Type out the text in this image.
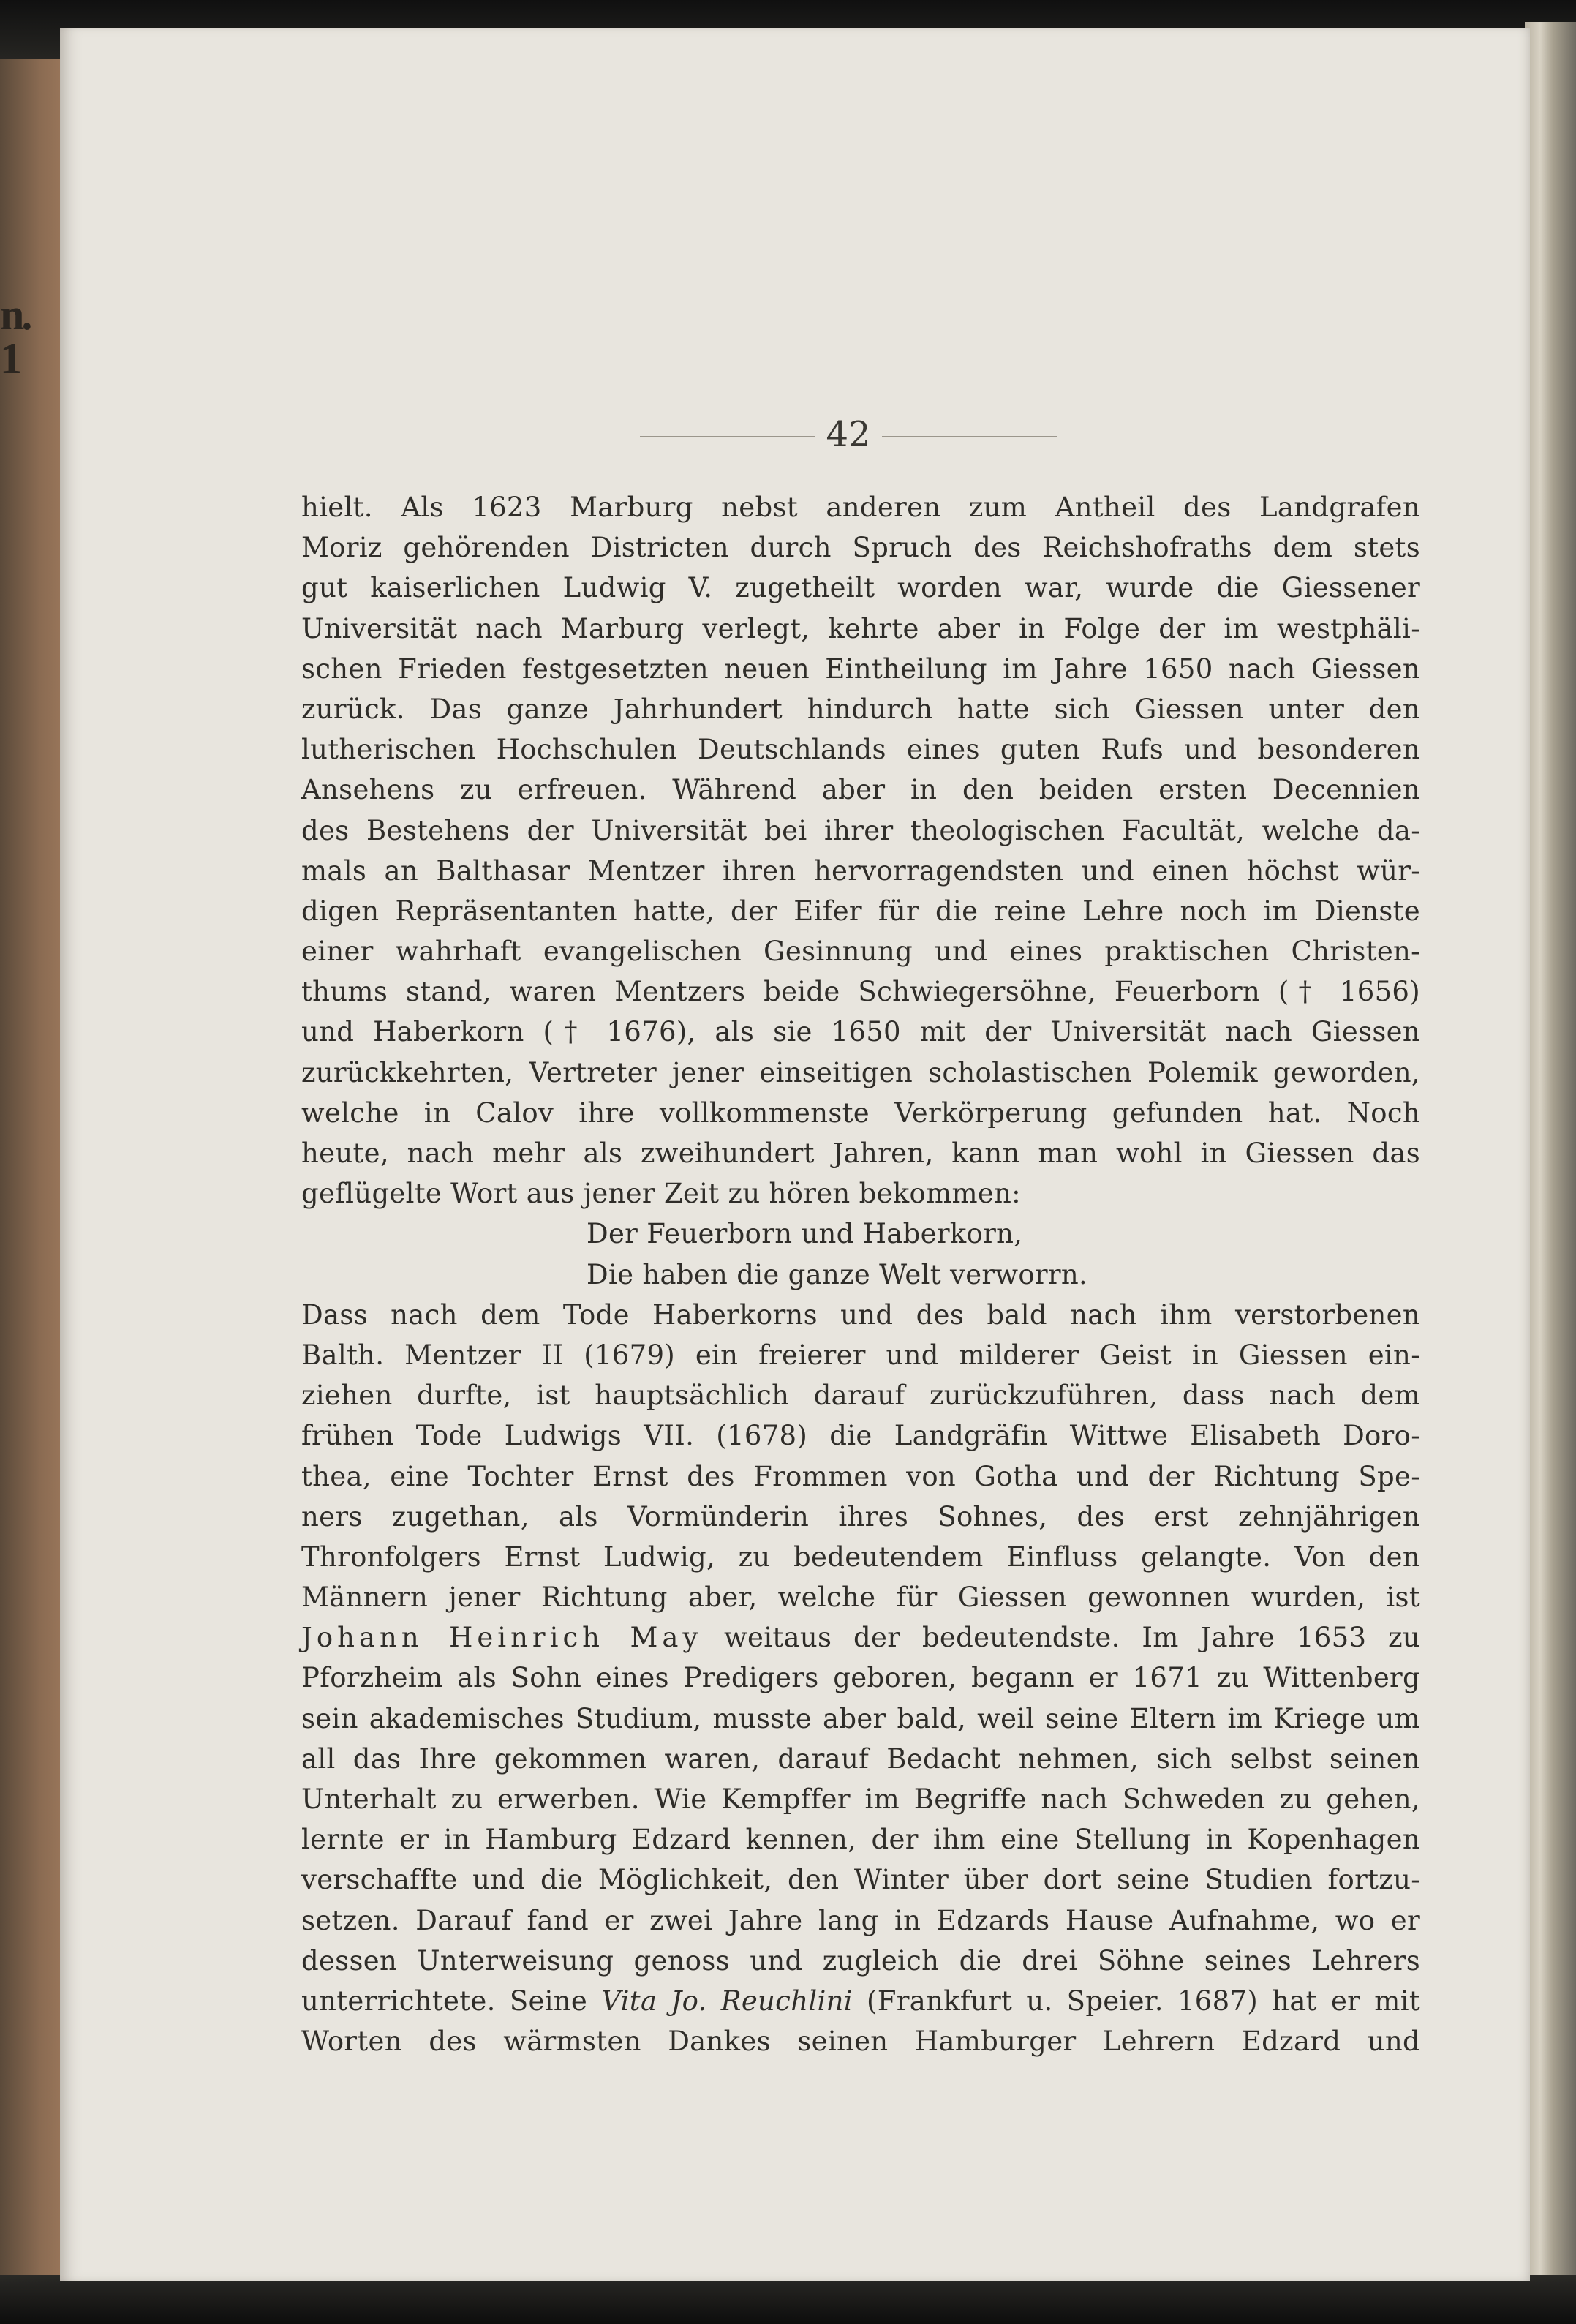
n. 1
42
hielt. Als 1623 Marburg nebst anderen zum Antheil des Landgrafen
Moriz gehörenden Districten durch Spruch des Reichshofraths dem stets
gut kaiserlichen Ludwig V. zugetheilt worden war, wurde die Giessener
Universität nach Marburg verlegt, kehrte aber in Folge der im westphäli-
schen Frieden festgesetzten neuen Eintheilung im Jahre 1650 nach Giessen
zurück. Das ganze Jahrhundert hindurch hatte sich Giessen unter den
lutherischen Hochschulen Deutschlands eines guten Rufs und besonderen
Ansehens zu erfreuen. Während aber in den beiden ersten Decennien
des Bestehens der Universität bei ihrer theologischen Facultät, welche da-
mals an Balthasar Mentzer ihren hervorragendsten und einen höchst wür-
digen Repräsentanten hatte, der Eifer für die reine Lehre noch im Dienste
einer wahrhaft evangelischen Gesinnung und eines praktischen Christen-
thums stand, waren Mentzers beide Schwiegersöhne, Feuerborn († 1656)
und Haberkorn († 1676), als sie 1650 mit der Universität nach Giessen
zurückkehrten, Vertreter jener einseitigen scholastischen Polemik geworden,
welche in Calov ihre vollkommenste Verkörperung gefunden hat. Noch
heute, nach mehr als zweihundert Jahren, kann man wohl in Giessen das
geflügelte Wort aus jener Zeit zu hören bekommen:
Der Feuerborn und Haberkorn,
Die haben die ganze Welt verworrn.
Dass nach dem Tode Haberkorns und des bald nach ihm verstorbenen
Balth. Mentzer II (1679) ein freierer und milderer Geist in Giessen ein-
ziehen durfte, ist hauptsächlich darauf zurückzuführen, dass nach dem
frühen Tode Ludwigs VII. (1678) die Landgräfin Wittwe Elisabeth Doro-
thea, eine Tochter Ernst des Frommen von Gotha und der Richtung Spe-
ners zugethan, als Vormünderin ihres Sohnes, des erst zehnjährigen
Thronfolgers Ernst Ludwig, zu bedeutendem Einfluss gelangte. Von den
Männern jener Richtung aber, welche für Giessen gewonnen wurden, ist
Johann Heinrich May weitaus der bedeutendste. Im Jahre 1653 zu
Pforzheim als Sohn eines Predigers geboren, begann er 1671 zu Wittenberg
sein akademisches Studium, musste aber bald, weil seine Eltern im Kriege um
all das Ihre gekommen waren, darauf Bedacht nehmen, sich selbst seinen
Unterhalt zu erwerben. Wie Kempffer im Begriffe nach Schweden zu gehen,
lernte er in Hamburg Edzard kennen, der ihm eine Stellung in Kopenhagen
verschaffte und die Möglichkeit, den Winter über dort seine Studien fortzu-
setzen. Darauf fand er zwei Jahre lang in Edzards Hause Aufnahme, wo er
dessen Unterweisung genoss und zugleich die drei Söhne seines Lehrers
unterrichtete. Seine Vita Jo. Reuchlini (Frankfurt u. Speier. 1687) hat er mit
Worten des wärmsten Dankes seinen Hamburger Lehrern Edzard und
